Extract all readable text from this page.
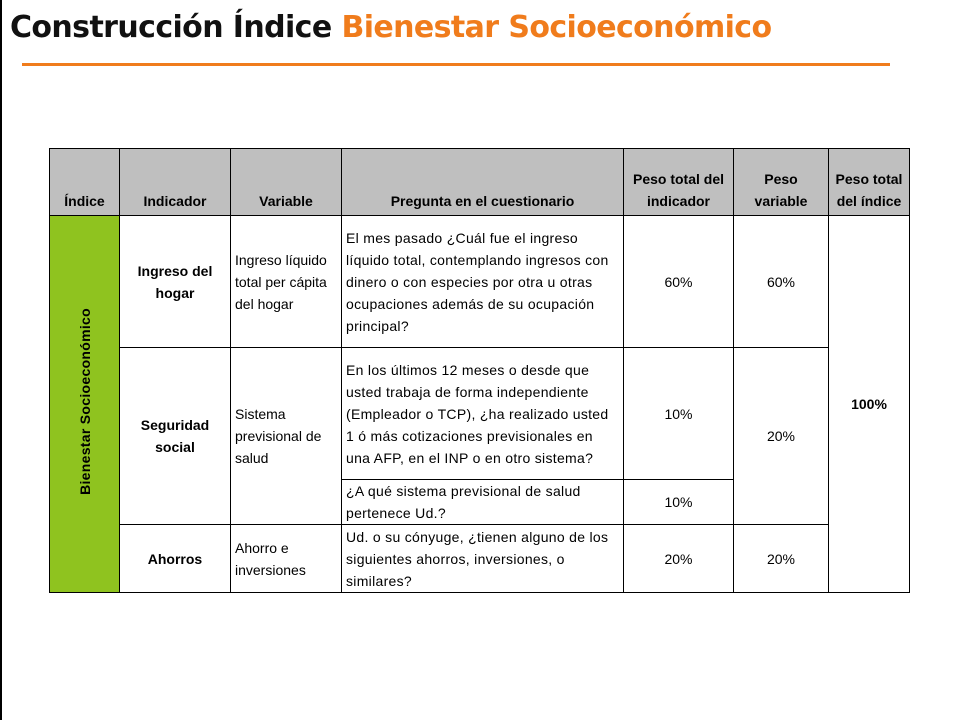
Construcción Índice Bienestar Socioeconómico
Índice	Indicador	Variable	Pregunta en el cuestionario	Peso total del indicador	Peso variable	Peso total del índice
Bienestar Socioeconómico	Ingreso del hogar	Ingreso líquido total per cápita del hogar	El mes pasado ¿Cuál fue el ingreso líquido total, contemplando ingresos con dinero o con especies por otra u otras ocupaciones además de su ocupación principal?	60%	60%	100%
	Seguridad social	Sistema previsional de salud	En los últimos 12 meses o desde que usted trabaja de forma independiente (Empleador o TCP), ¿ha realizado usted 1 ó más cotizaciones previsionales en una AFP, en el INP o en otro sistema?	10%	20%	
			¿A qué sistema previsional de salud pertenece Ud.?	10%		
	Ahorros	Ahorro e inversiones	Ud. o su cónyuge, ¿tienen alguno de los siguientes ahorros, inversiones, o similares?	20%	20%	
